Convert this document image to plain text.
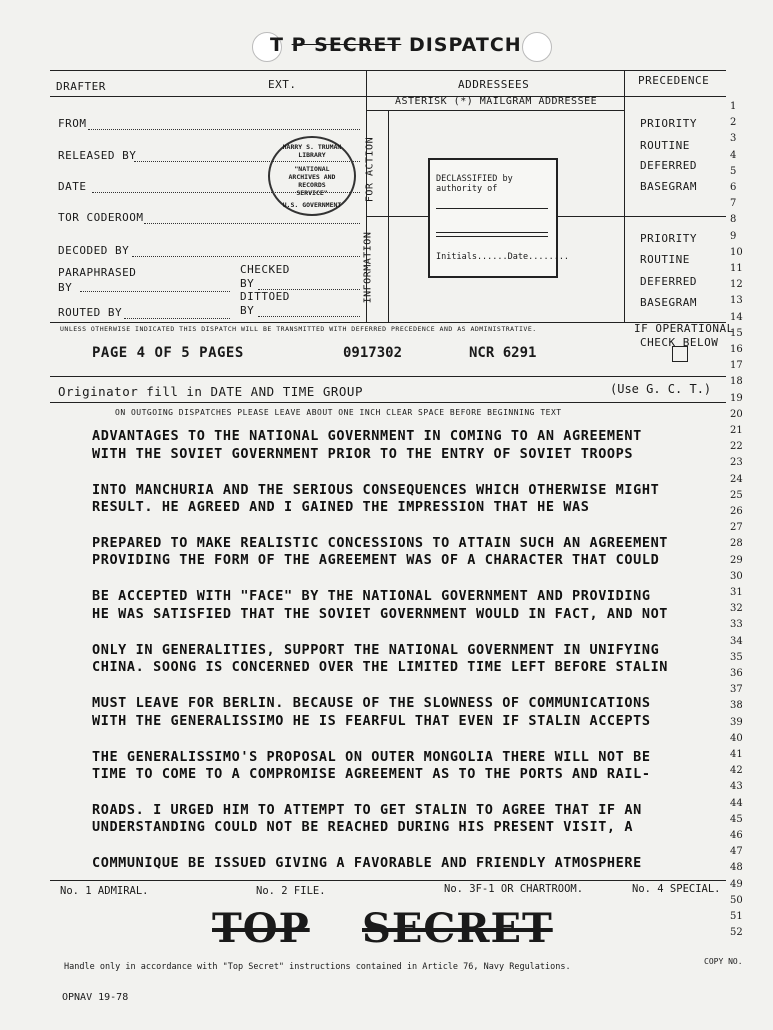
T P SECRET DISPATCH
DRAFTER	EXT.	ADDRESSEES	PRECEDENCE
ASTERISK (*) MAILGRAM ADDRESSEE
FROM
RELEASED BY
DATE
TOR CODEROOM
DECODED BY
PARAPHRASED BY
CHECKED BY
DITTOED BY
ROUTED BY
HARRY S. TRUMAN LIBRARY
"NATIONAL
ARCHIVES AND
RECORDS
SERVICE"
U.S. GOVERNMENT
FOR ACTION
INFORMATION
DECLASSIFIED by authority of
Initials......Date........
PRIORITY
ROUTINE
DEFERRED
BASEGRAM
PRIORITY
ROUTINE
DEFERRED
BASEGRAM
1
2
3
4
5
6
7
8
9
10
11
12
13
14
15
16
17
18
19
20
21
22
23
24
25
26
27
28
29
30
31
32
33
34
35
36
37
38
39
40
41
42
43
44
45
46
47
48
49
50
51
52
UNLESS OTHERWISE INDICATED THIS DISPATCH WILL BE TRANSMITTED WITH DEFERRED PRECEDENCE AND AS ADMINISTRATIVE.	IF OPERATIONAL
CHECK BELOW
PAGE 4 OF 5 PAGES	0917302	NCR 6291
Originator fill in DATE AND TIME GROUP	(Use G. C. T.)
ON OUTGOING DISPATCHES PLEASE LEAVE ABOUT ONE INCH CLEAR SPACE BEFORE BEGINNING TEXT
ADVANTAGES TO THE NATIONAL GOVERNMENT IN COMING TO AN AGREEMENT
WITH THE SOVIET GOVERNMENT PRIOR TO THE ENTRY OF SOVIET TROOPS
INTO MANCHURIA AND THE SERIOUS CONSEQUENCES WHICH OTHERWISE MIGHT
RESULT. HE AGREED AND I GAINED THE IMPRESSION THAT HE WAS
PREPARED TO MAKE REALISTIC CONCESSIONS TO ATTAIN SUCH AN AGREEMENT
PROVIDING THE FORM OF THE AGREEMENT WAS OF A CHARACTER THAT COULD
BE ACCEPTED WITH "FACE" BY THE NATIONAL GOVERNMENT AND PROVIDING
HE WAS SATISFIED THAT THE SOVIET GOVERNMENT WOULD IN FACT, AND NOT
ONLY IN GENERALITIES, SUPPORT THE NATIONAL GOVERNMENT IN UNIFYING
CHINA. SOONG IS CONCERNED OVER THE LIMITED TIME LEFT BEFORE STALIN
MUST LEAVE FOR BERLIN. BECAUSE OF THE SLOWNESS OF COMMUNICATIONS
WITH THE GENERALISSIMO HE IS FEARFUL THAT EVEN IF STALIN ACCEPTS
THE GENERALISSIMO'S PROPOSAL ON OUTER MONGOLIA THERE WILL NOT BE
TIME TO COME TO A COMPROMISE AGREEMENT AS TO THE PORTS AND RAIL-
ROADS. I URGED HIM TO ATTEMPT TO GET STALIN TO AGREE THAT IF AN
UNDERSTANDING COULD NOT BE REACHED DURING HIS PRESENT VISIT, A
COMMUNIQUE BE ISSUED GIVING A FAVORABLE AND FRIENDLY ATMOSPHERE
No. 1 ADMIRAL.	No. 2 FILE.	No. 3F-1 OR CHARTROOM.	No. 4 SPECIAL.
TOP SECRET
Handle only in accordance with "Top Secret" instructions contained in Article 76, Navy Regulations.
COPY NO.
OPNAV 19-78
